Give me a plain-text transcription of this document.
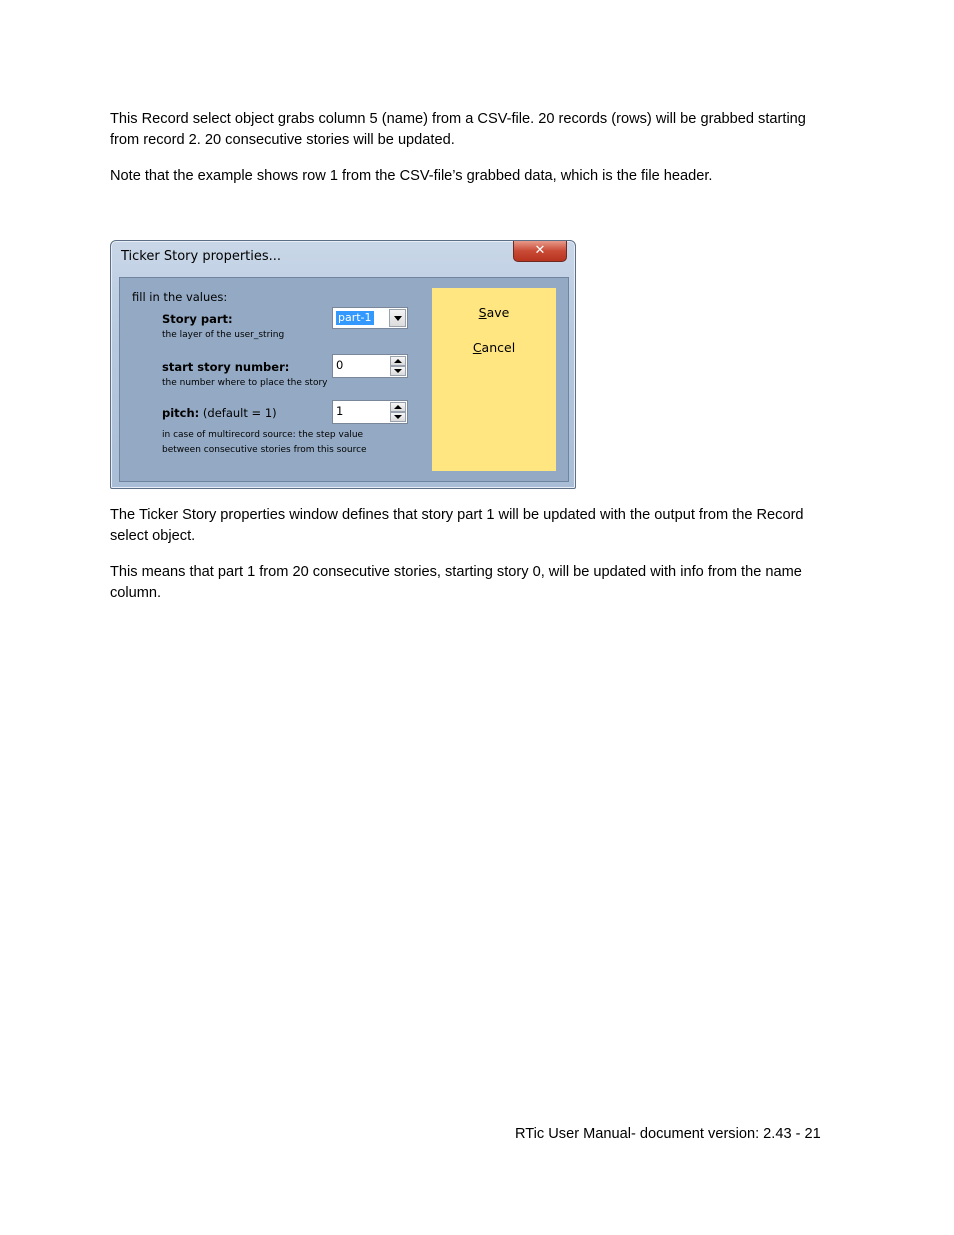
This Record select object grabs column 5 (name) from a CSV-file. 20 records (rows) will be grabbed starting from record 2. 20 consecutive stories will be updated.

Note that the example shows row 1 from the CSV-file’s grabbed data, which is the file header.

Ticker Story properties...	✕
fill in the values:
Story part:
the layer of the user_string
part-1
start story number:
the number where to place the story
0
pitch: (default = 1)
in case of multirecord source: the step value
between consecutive stories from this source
1
Save
Cancel

The Ticker Story properties window defines that story part 1 will be updated with the output from the Record select object.

This means that part 1 from 20 consecutive stories, starting story 0, will be updated with info from the name column.

RTic User Manual- document version: 2.43 - 21
